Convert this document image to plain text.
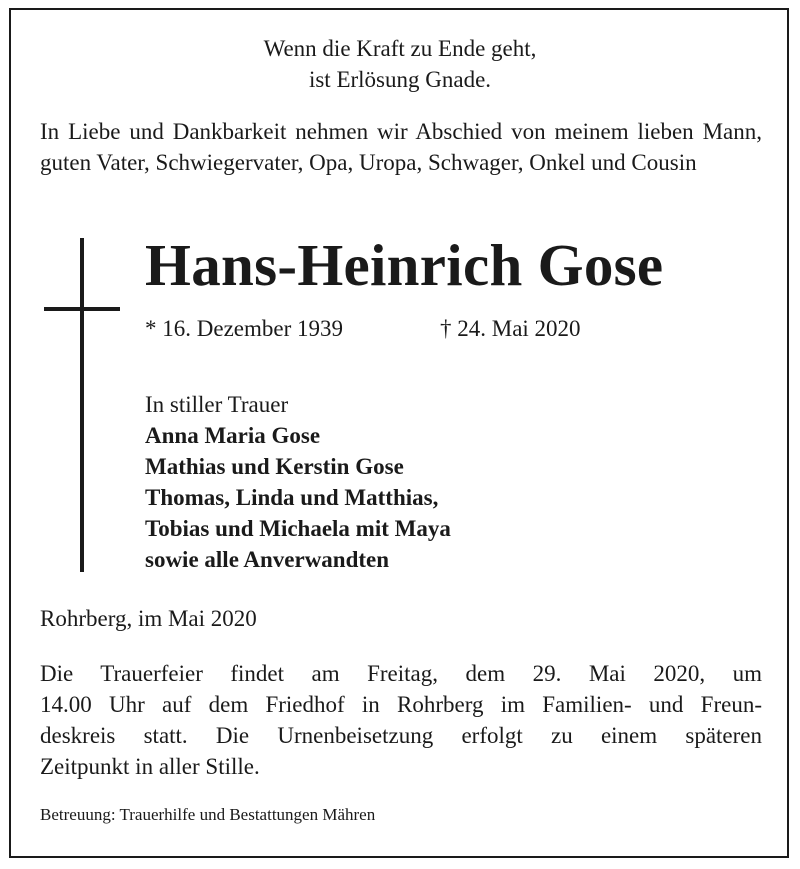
Wenn die Kraft zu Ende geht,
ist Erlösung Gnade.
In Liebe und Dankbarkeit nehmen wir Abschied von meinem lieben Mann, guten Vater, Schwiegervater, Opa, Uropa, Schwager, Onkel und Cousin
Hans-Heinrich Gose
* 16. Dezember 1939	† 24. Mai 2020
In stiller Trauer
Anna Maria Gose
Mathias und Kerstin Gose
Thomas, Linda und Matthias,
Tobias und Michaela mit Maya
sowie alle Anverwandten
Rohrberg, im Mai 2020
Die Trauerfeier findet am Freitag, dem 29. Mai 2020, um
14.00 Uhr auf dem Friedhof in Rohrberg im Familien- und Freun-
deskreis statt. Die Urnenbeisetzung erfolgt zu einem späteren
Zeitpunkt in aller Stille.
Betreuung: Trauerhilfe und Bestattungen Mähren
